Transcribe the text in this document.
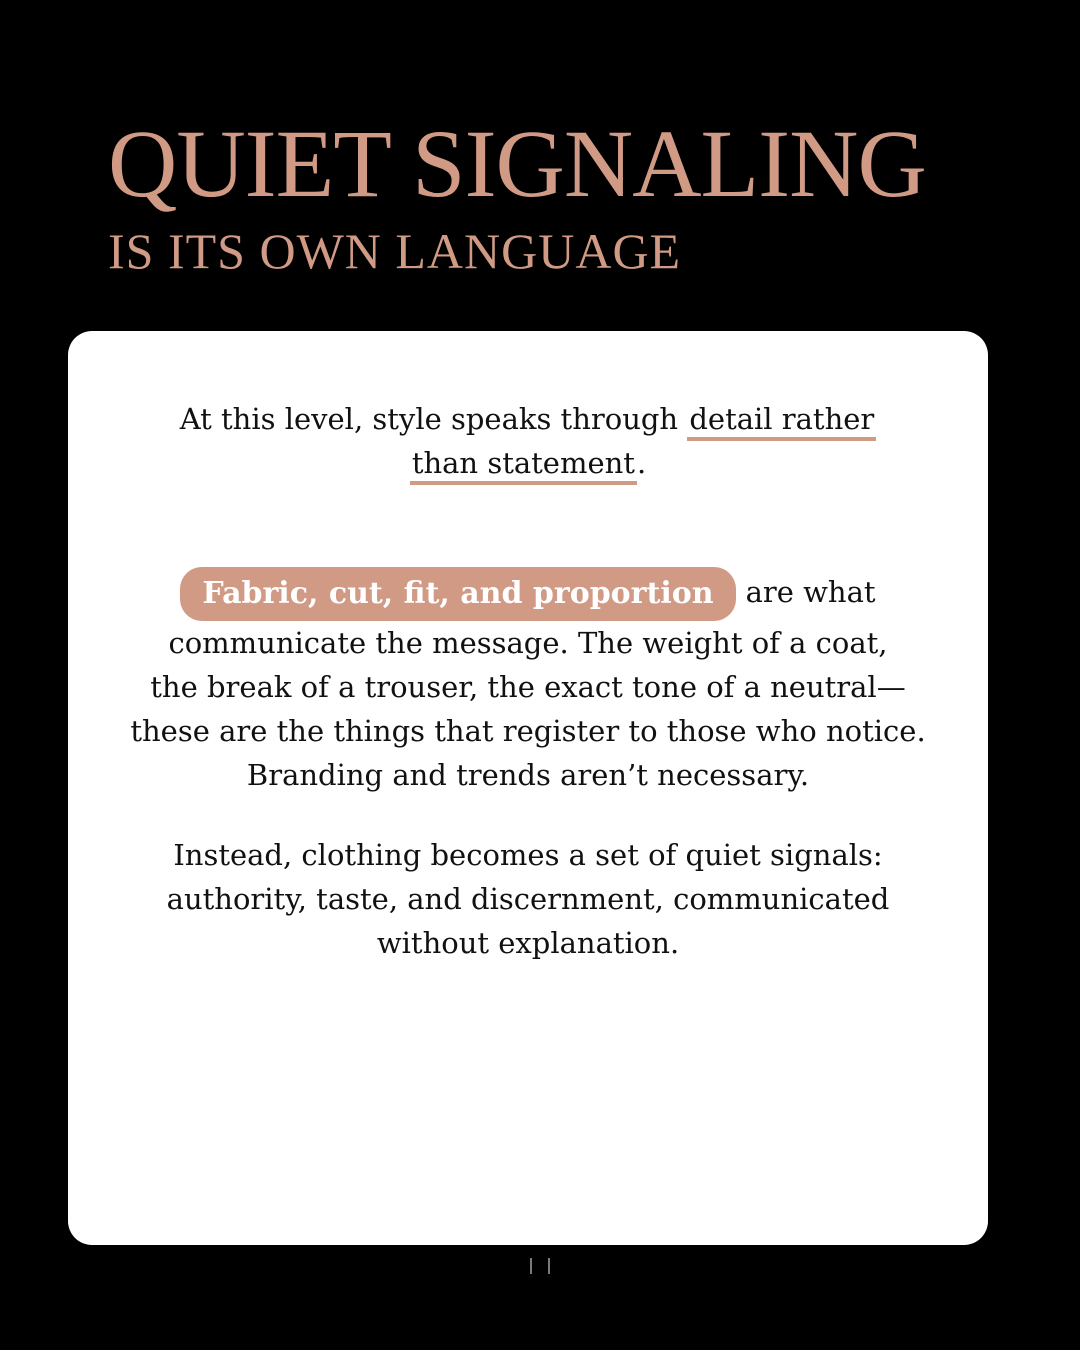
QUIET SIGNALING
IS ITS OWN LANGUAGE
At this level, style speaks through detail rather
than statement.
Fabric, cut, fit, and proportion are what
communicate the message. The weight of a coat,
the break of a trouser, the exact tone of a neutral—
these are the things that register to those who notice.
Branding and trends aren’t necessary.
Instead, clothing becomes a set of quiet signals:
authority, taste, and discernment, communicated
without explanation.
